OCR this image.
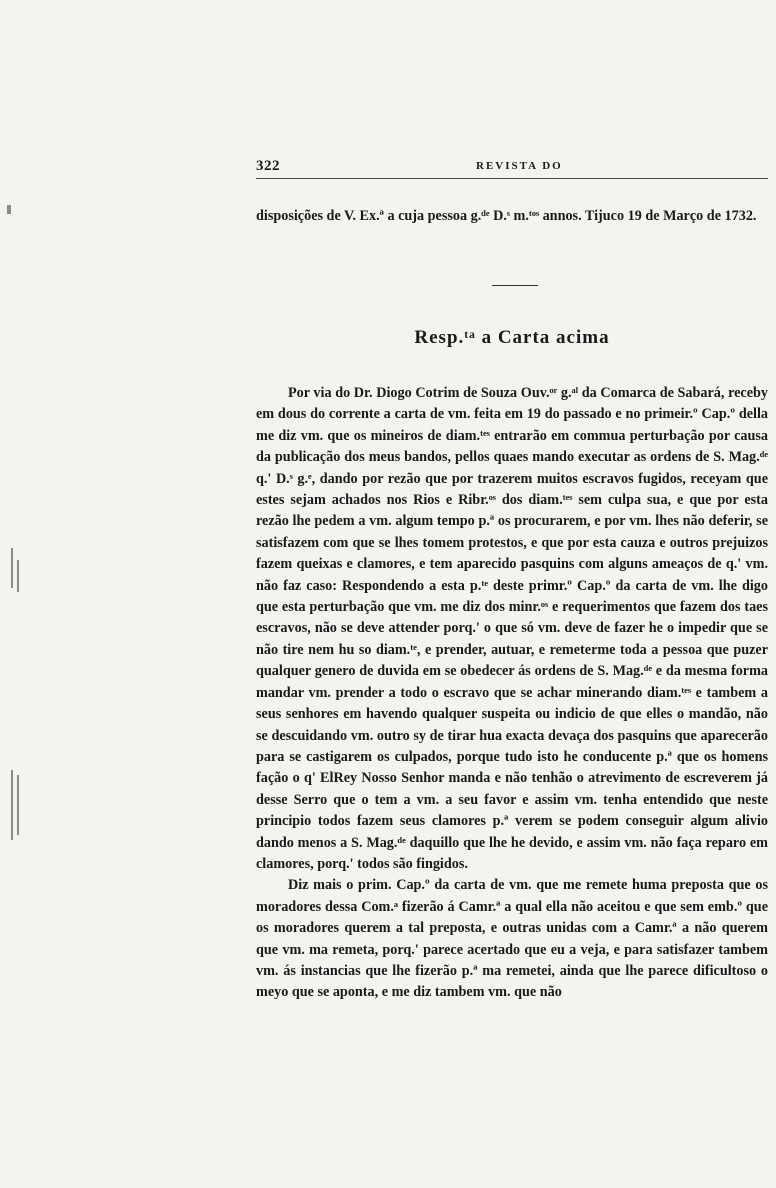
322	REVISTA DO

disposições de V. Ex.ª a cuja pessoa g.ᵈᵉ D.ˢ m.ᵗᵒˢ annos. Tijuco 19 de Março de 1732.

Resp.ᵗᵃ a Carta acima

Por via do Dr. Diogo Cotrim de Souza Ouv.ᵒʳ g.ᵃˡ da Comarca de Sabará, receby em dous do corrente a carta de vm. feita em 19 do passado e no primeir.º Cap.º della me diz vm. que os mineiros de diam.ᵗᵉˢ entrarão em commua perturbação por causa da publicação dos meus bandos, pellos quaes mando executar as ordens de S. Mag.ᵈᵉ q.' D.ˢ g.ᵉ, dando por rezão que por trazerem muitos escravos fugidos, receyam que estes sejam achados nos Rios e Ribr.ᵒˢ dos diam.ᵗᵉˢ sem culpa sua, e que por esta rezão lhe pedem a vm. algum tempo p.ª os procurarem, e por vm. lhes não deferir, se satisfazem com que se lhes tomem protestos, e que por esta cauza e outros prejuizos fazem queixas e clamores, e tem aparecido pasquins com alguns ameaços de q.' vm. não faz caso: Respondendo a esta p.ᵗᵉ deste primr.º Cap.º da carta de vm. lhe digo que esta perturbação que vm. me diz dos minr.ᵒˢ e requerimentos que fazem dos taes escravos, não se deve attender porq.' o que só vm. deve de fazer he o impedir que se não tire nem hu so diam.ᵗᵉ, e prender, autuar, e remeterme toda a pessoa que puzer qualquer genero de duvida em se obedecer ás ordens de S. Mag.ᵈᵉ e da mesma forma mandar vm. prender a todo o escravo que se achar minerando diam.ᵗᵉˢ e tambem a seus senhores em havendo qualquer suspeita ou indicio de que elles o mandão, não se descuidando vm. outro sy de tirar hua exacta devaça dos pasquins que aparecerão para se castigarem os culpados, porque tudo isto he conducente p.ª que os homens fação o q' ElRey Nosso Senhor manda e não tenhão o atrevimento de escreverem já desse Serro que o tem a vm. a seu favor e assim vm. tenha entendido que neste principio todos fazem seus clamores p.ª verem se podem conseguir algum alivio dando menos a S. Mag.ᵈᵉ daquillo que lhe he devido, e assim vm. não faça reparo em clamores, porq.' todos são fingidos.

Diz mais o prim. Cap.º da carta de vm. que me remete huma preposta que os moradores dessa Com.ᵃ fizerão á Camr.ª a qual ella não aceitou e que sem emb.º que os moradores querem a tal preposta, e outras unidas com a Camr.ª a não querem que vm. ma remeta, porq.' parece acertado que eu a veja, e para satisfazer tambem vm. ás instancias que lhe fizerão p.ª ma remetei, ainda que lhe parece dificultoso o meyo que se aponta, e me diz tambem vm. que não
